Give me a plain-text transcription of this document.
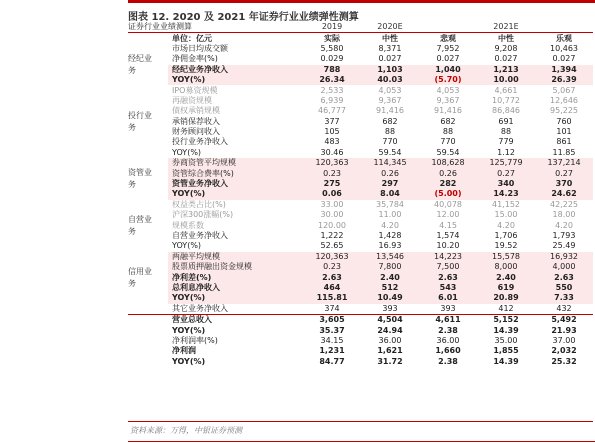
图表 12. 2020 及 2021 年证券行业业绩弹性测算
证券行业业绩测算		2019	2020E		2021E	
单位：亿元		实际	中性	悲观	中性	乐观

经纪业务	市场日均成交额	5,580	8,371	7,952	9,208	10,463
	净佣金率(%)	0.029	0.027	0.027	0.027	0.027
	经纪业务净收入	788	1,103	1,040	1,213	1,394
	YOY(%)	26.34	40.03	(5.70)	10.00	26.39

投行业务	IPO募资规模	2,533	4,053	4,053	4,661	5,067
	再融资规模	6,939	9,367	9,367	10,772	12,646
	债权承销规模	46,777	91,416	91,416	86,846	95,225
	承销保荐收入	377	682	682	691	760
	财务顾问收入	105	88	88	88	101
	投行业务净收入	483	770	770	779	861
	YOY(%)	30.46	59.54	59.54	1.12	11.85

资管业务	券商资管平均规模	120,363	114,345	108,628	125,779	137,214
	资管综合费率(%)	0.23	0.26	0.26	0.27	0.27
	资管业务净收入	275	297	282	340	370
	YOY(%)	0.06	8.04	(5.00)	14.23	24.62

自营业务	权益类占比(%)	33.00	35,784	40,078	41,152	42,225
	沪深300涨幅(%)	30.00	11.00	12.00	15.00	18.00
	规模系数	120.00	4.20	4.15	4.20	4.20
	自营业务净收入	1,222	1,428	1,574	1,706	1,793
	YOY(%)	52.65	16.93	10.20	19.52	25.49

信用业务	两融平均规模	120,363	13,546	14,223	15,578	16,932
	股票质押融出资金规模	0.23	7,800	7,500	8,000	4,000
	净利差(%)	2.63	2.40	2.63	2.40	2.63
	总利息净收入	464	512	543	619	550
	YOY(%)	115.81	10.49	6.01	20.89	7.33
其它业务净收入		374	393	393	412	432
营业总收入		3,605	4,504	4,611	5,152	5,492
YOY(%)		35.37	24.94	2.38	14.39	21.93
净利润率(%)		34.15	36.00	36.00	35.00	37.00
净利润		1,231	1,621	1,660	1,855	2,032
YOY(%)		84.77	31.72	2.38	14.39	25.32
资料来源：万得，中银证券预测
